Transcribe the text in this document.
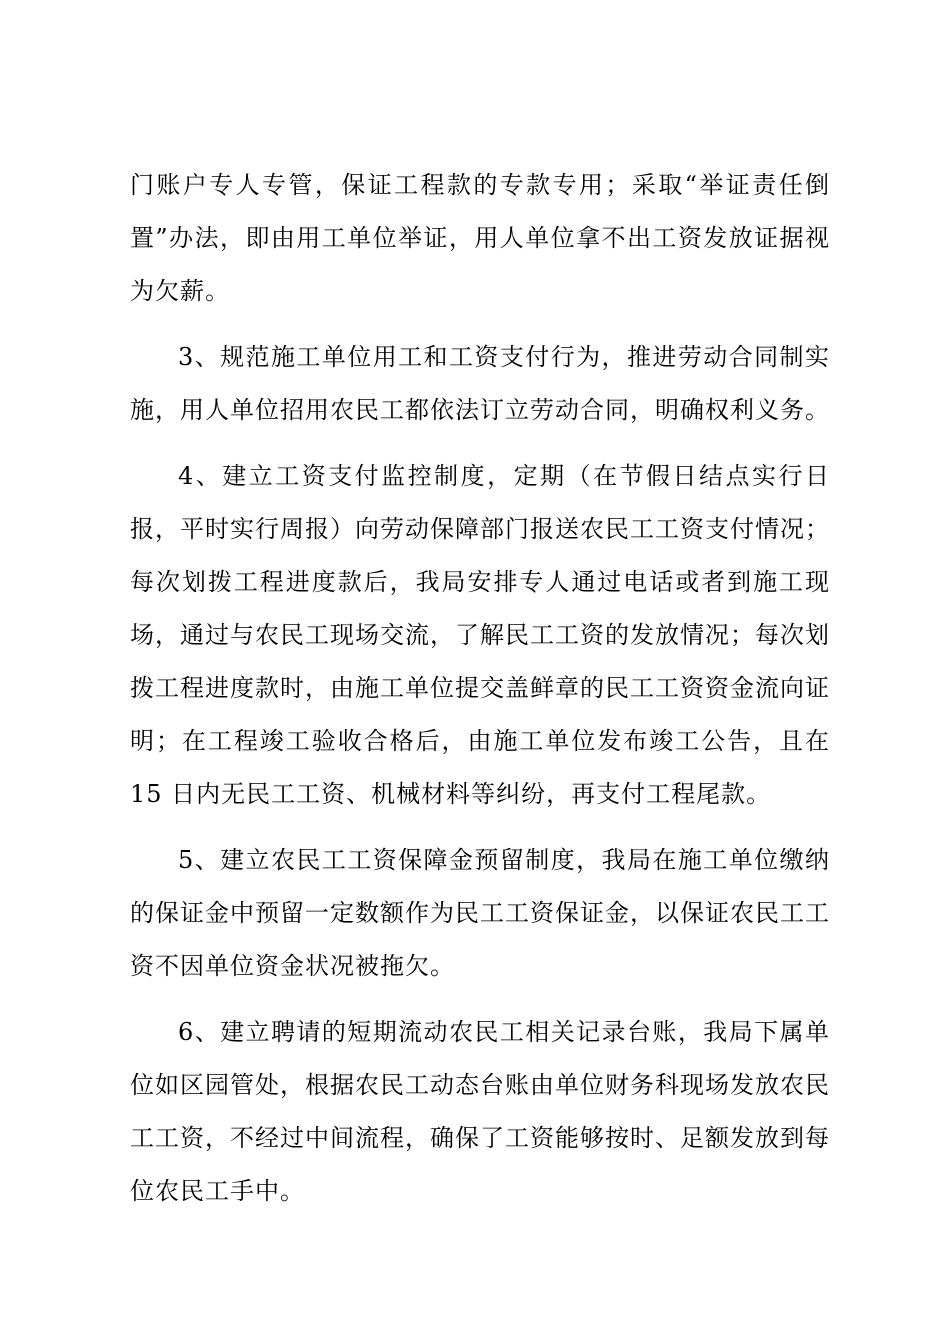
门账户专人专管，保证工程款的专款专用；采取“举证责任倒置”办法，即由用工单位举证，用人单位拿不出工资发放证据视为欠薪。

3、规范施工单位用工和工资支付行为，推进劳动合同制实施，用人单位招用农民工都依法订立劳动合同，明确权利义务。

4、建立工资支付监控制度，定期（在节假日结点实行日报，平时实行周报）向劳动保障部门报送农民工工资支付情况；每次划拨工程进度款后，我局安排专人通过电话或者到施工现场，通过与农民工现场交流，了解民工工资的发放情况；每次划拨工程进度款时，由施工单位提交盖鲜章的民工工资资金流向证明；在工程竣工验收合格后，由施工单位发布竣工公告，且在 15 日内无民工工资、机械材料等纠纷，再支付工程尾款。

5、建立农民工工资保障金预留制度，我局在施工单位缴纳的保证金中预留一定数额作为民工工资保证金，以保证农民工工资不因单位资金状况被拖欠。

6、建立聘请的短期流动农民工相关记录台账，我局下属单位如区园管处，根据农民工动态台账由单位财务科现场发放农民工工资，不经过中间流程，确保了工资能够按时、足额发放到每位农民工手中。
